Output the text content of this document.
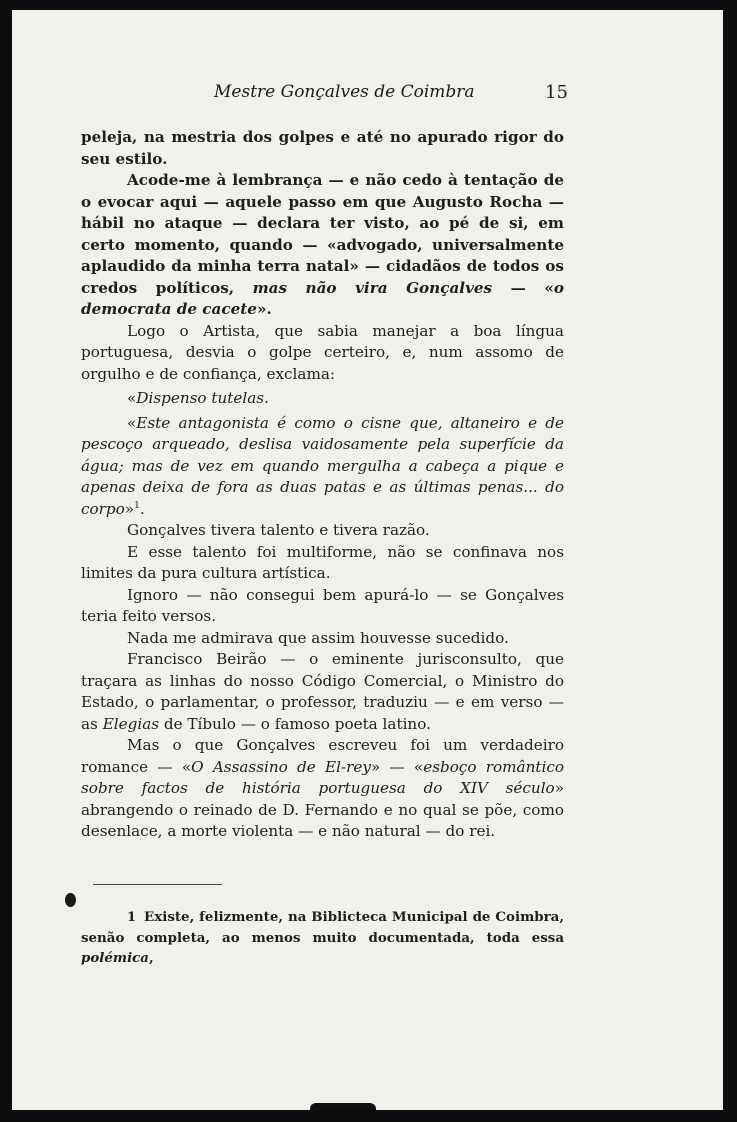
Mestre Gonçalves de Coimbra	15

peleja, na mestria dos golpes e até no apurado rigor do seu estilo.

Acode-me à lembrança — e não cedo à tentação de o evocar aqui — aquele passo em que Augusto Rocha — hábil no ataque — declara ter visto, ao pé de si, em certo momento, quando — «advogado, universalmente aplaudido da minha terra natal» — cidadãos de todos os credos políticos, mas não vira Gonçalves — «o democrata de cacete».

Logo o Artista, que sabia manejar a boa língua portuguesa, desvia o golpe certeiro, e, num assomo de orgulho e de confiança, exclama:

«Dispenso tutelas.

«Este antagonista é como o cisne que, altaneiro e de pescoço arqueado, deslisa vaidosamente pela superfície da água; mas de vez em quando mergulha a cabeça a pique e apenas deixa de fora as duas patas e as últimas penas... do corpo»$^1$.

Gonçalves tivera talento e tivera razão.

E esse talento foi multiforme, não se confinava nos limites da pura cultura artística.

Ignoro — não consegui bem apurá-lo — se Gonçalves teria feito versos.

Nada me admirava que assim houvesse sucedido.

Francisco Beirão — o eminente jurisconsulto, que traçara as linhas do nosso Código Comercial, o Ministro do Estado, o parlamentar, o professor, traduziu — e em verso — as Elegias de Tíbulo — o famoso poeta latino.

Mas o que Gonçalves escreveu foi um verdadeiro romance — «O Assassino de El-rey» — «esboço romântico sobre factos de história portuguesa do XIV século» abrangendo o reinado de D. Fernando e no qual se põe, como desenlace, a morte violenta — e não natural — do rei.

1 Existe, felizmente, na Biblicteca Municipal de Coimbra, senão completa, ao menos muito documentada, toda essa polémica,
